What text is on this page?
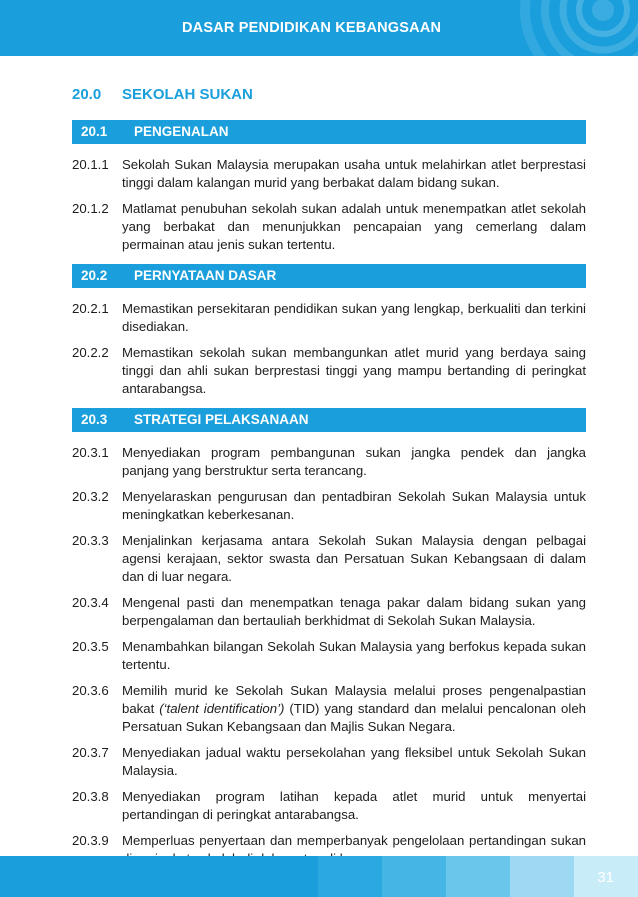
DASAR PENDIDIKAN KEBANGSAAN
20.0 SEKOLAH SUKAN
20.1 PENGENALAN
20.1.1	Sekolah Sukan Malaysia merupakan usaha untuk melahirkan atlet berprestasi tinggi dalam kalangan murid yang berbakat dalam bidang sukan.
20.1.2	Matlamat penubuhan sekolah sukan adalah untuk menempatkan atlet sekolah yang berbakat dan menunjukkan pencapaian yang cemerlang dalam permainan atau jenis sukan tertentu.
20.2 PERNYATAAN DASAR
20.2.1	Memastikan persekitaran pendidikan sukan yang lengkap, berkualiti dan terkini disediakan.
20.2.2	Memastikan sekolah sukan membangunkan atlet murid yang berdaya saing tinggi dan ahli sukan berprestasi tinggi yang mampu bertanding di peringkat antarabangsa.
20.3 STRATEGI PELAKSANAAN
20.3.1	Menyediakan program pembangunan sukan jangka pendek dan jangka panjang yang berstruktur serta terancang.
20.3.2	Menyelaraskan pengurusan dan pentadbiran Sekolah Sukan Malaysia untuk meningkatkan keberkesanan.
20.3.3	Menjalinkan kerjasama antara Sekolah Sukan Malaysia dengan pelbagai agensi kerajaan, sektor swasta dan Persatuan Sukan Kebangsaan di dalam dan di luar negara.
20.3.4	Mengenal pasti dan menempatkan tenaga pakar dalam bidang sukan yang berpengalaman dan bertauliah berkhidmat di Sekolah Sukan Malaysia.
20.3.5	Menambahkan bilangan Sekolah Sukan Malaysia yang berfokus kepada sukan tertentu.
20.3.6	Memilih murid ke Sekolah Sukan Malaysia melalui proses pengenalpastian bakat (‘talent identification’) (TID) yang standard dan melalui pencalonan oleh Persatuan Sukan Kebangsaan dan Majlis Sukan Negara.
20.3.7	Menyediakan jadual waktu persekolahan yang fleksibel untuk Sekolah Sukan Malaysia.
20.3.8	Menyediakan program latihan kepada atlet murid untuk menyertai pertandingan di peringkat antarabangsa.
20.3.9	Memperluas penyertaan dan memperbanyak pengelolaan pertandingan sukan
31
